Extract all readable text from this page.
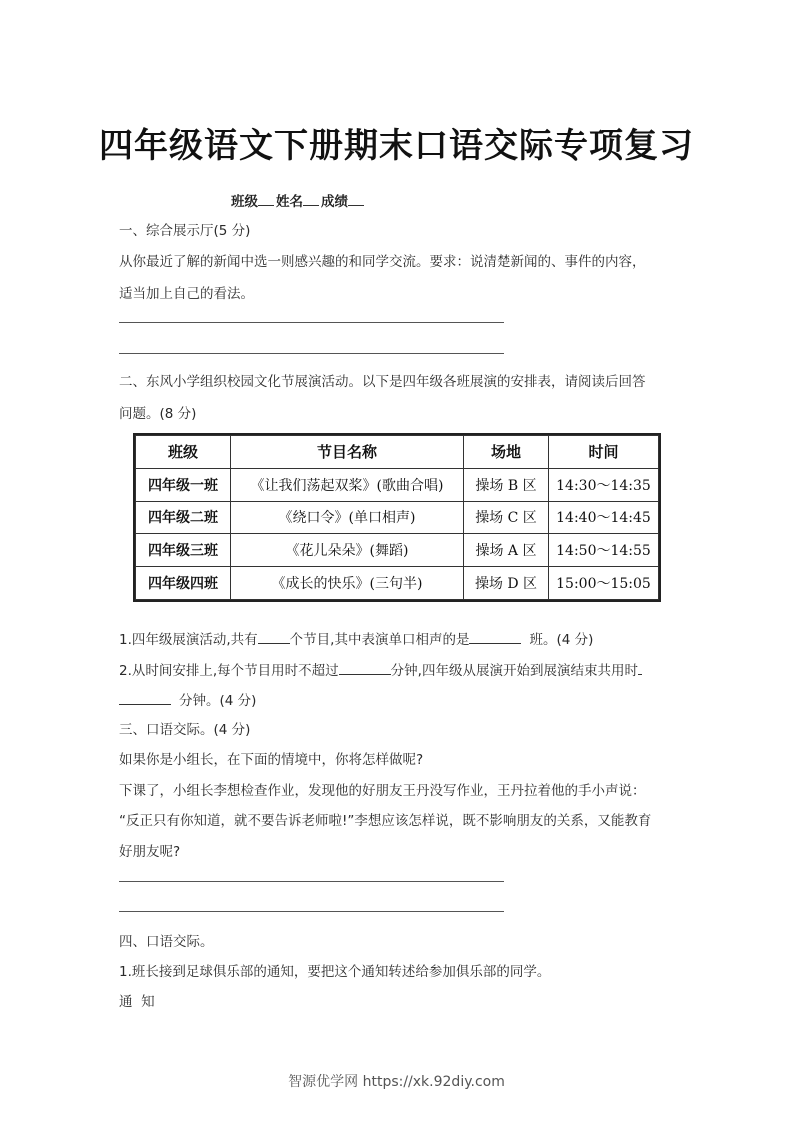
四年级语文下册期末口语交际专项复习
班级 姓名 成绩
一、综合展示厅(5 分)
从你最近了解的新闻中选一则感兴趣的和同学交流。要求：说清楚新闻的、事件的内容，
适当加上自己的看法。
二、东风小学组织校园文化节展演活动。以下是四年级各班展演的安排表，请阅读后回答
问题。(8 分)
班级	节目名称	场地	时间
四年级一班	《让我们荡起双桨》(歌曲合唱)	操场 B 区	14:30～14:35
四年级二班	《绕口令》(单口相声)	操场 C 区	14:40～14:45
四年级三班	《花儿朵朵》(舞蹈)	操场 A 区	14:50～14:55
四年级四班	《成长的快乐》(三句半)	操场 D 区	15:00～15:05
1.四年级展演活动,共有 个节目,其中表演单口相声的是	班。(4 分)
2.从时间安排上,每个节目用时不超过	分钟,四年级从展演开始到展演结束共用时
分钟。(4 分)
三、口语交际。(4 分)
如果你是小组长，在下面的情境中，你将怎样做呢?
下课了，小组长李想检查作业，发现他的好朋友王丹没写作业，王丹拉着他的手小声说：
“反正只有你知道，就不要告诉老师啦!”李想应该怎样说，既不影响朋友的关系，又能教育
好朋友呢?
四、口语交际。
1.班长接到足球俱乐部的通知，要把这个通知转述给参加俱乐部的同学。
通  知
智源优学网 https://xk.92diy.com
